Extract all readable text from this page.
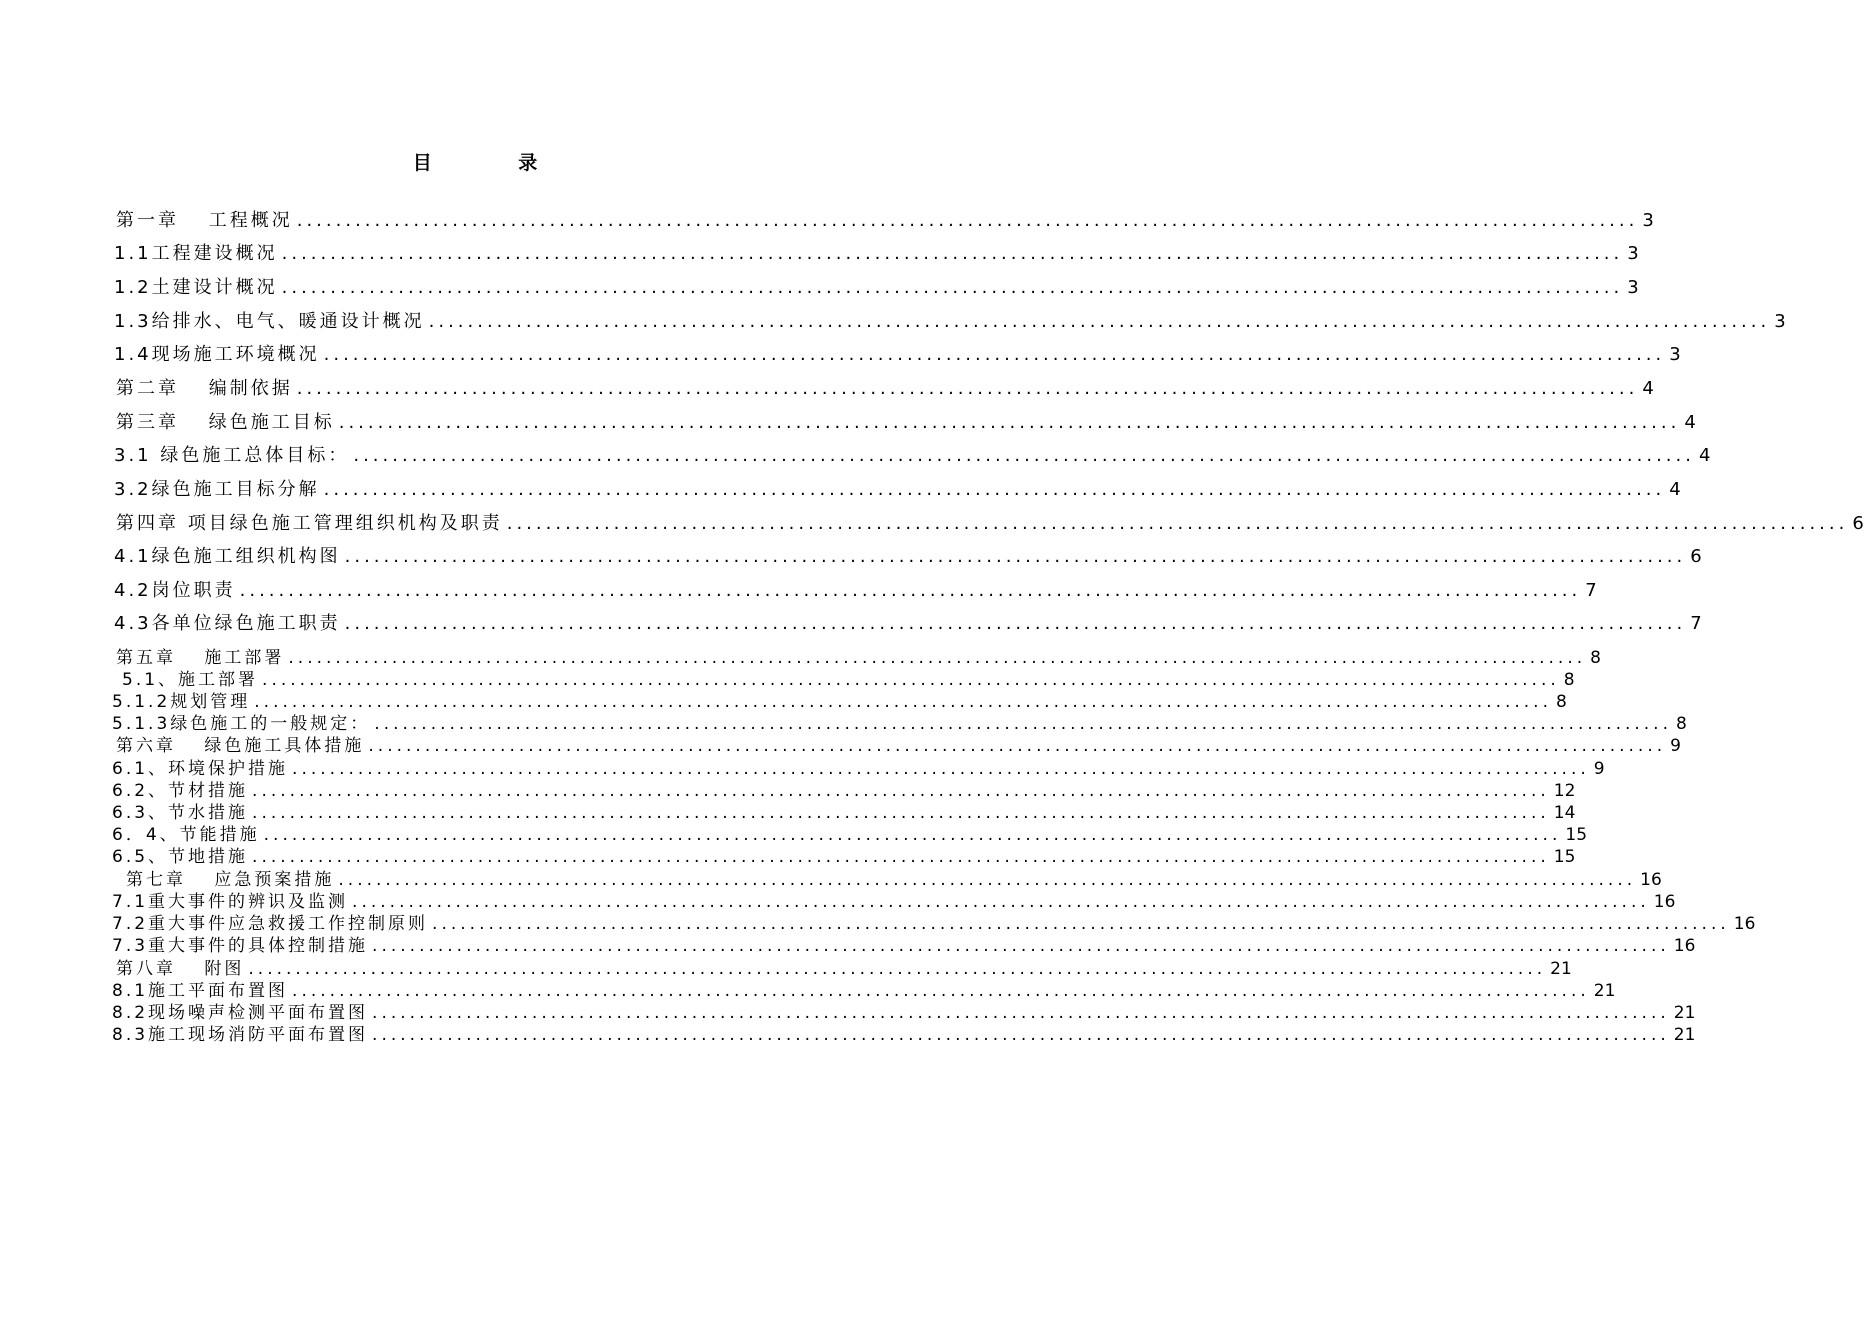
目 录
第一章　 工程概况 .......................................................................................................................................... 3
1.1工程建设概况 .......................................................................................................................................... 3
1.2土建设计概况 .......................................................................................................................................... 3
1.3给排水、电气、暖通设计概况 .......................................................................................................................................... 3
1.4现场施工环境概况 .......................................................................................................................................... 3
第二章　 编制依据 .......................................................................................................................................... 4
第三章　 绿色施工目标 .......................................................................................................................................... 4
3.1 绿色施工总体目标： .......................................................................................................................................... 4
3.2绿色施工目标分解 .......................................................................................................................................... 4
第四章 项目绿色施工管理组织机构及职责 .......................................................................................................................................... 6
4.1绿色施工组织机构图 .......................................................................................................................................... 6
4.2岗位职责 .......................................................................................................................................... 7
4.3各单位绿色施工职责 .......................................................................................................................................... 7
第五章　 施工部署 .......................................................................................................................................... 8
5.1、施工部署 .......................................................................................................................................... 8
5.1.2规划管理 .......................................................................................................................................... 8
5.1.3绿色施工的一般规定： .......................................................................................................................................... 8
第六章　 绿色施工具体措施 .......................................................................................................................................... 9
6.1、环境保护措施 .......................................................................................................................................... 9
6.2、节材措施 .......................................................................................................................................... 12
6.3、节水措施 .......................................................................................................................................... 14
6．4、节能措施 .......................................................................................................................................... 15
6.5、节地措施 .......................................................................................................................................... 15
第七章　 应急预案措施 .......................................................................................................................................... 16
7.1重大事件的辨识及监测 .......................................................................................................................................... 16
7.2重大事件应急救援工作控制原则 .......................................................................................................................................... 16
7.3重大事件的具体控制措施 .......................................................................................................................................... 16
第八章　 附图 .......................................................................................................................................... 21
8.1施工平面布置图 .......................................................................................................................................... 21
8.2现场噪声检测平面布置图 .......................................................................................................................................... 21
8.3施工现场消防平面布置图 .......................................................................................................................................... 21
